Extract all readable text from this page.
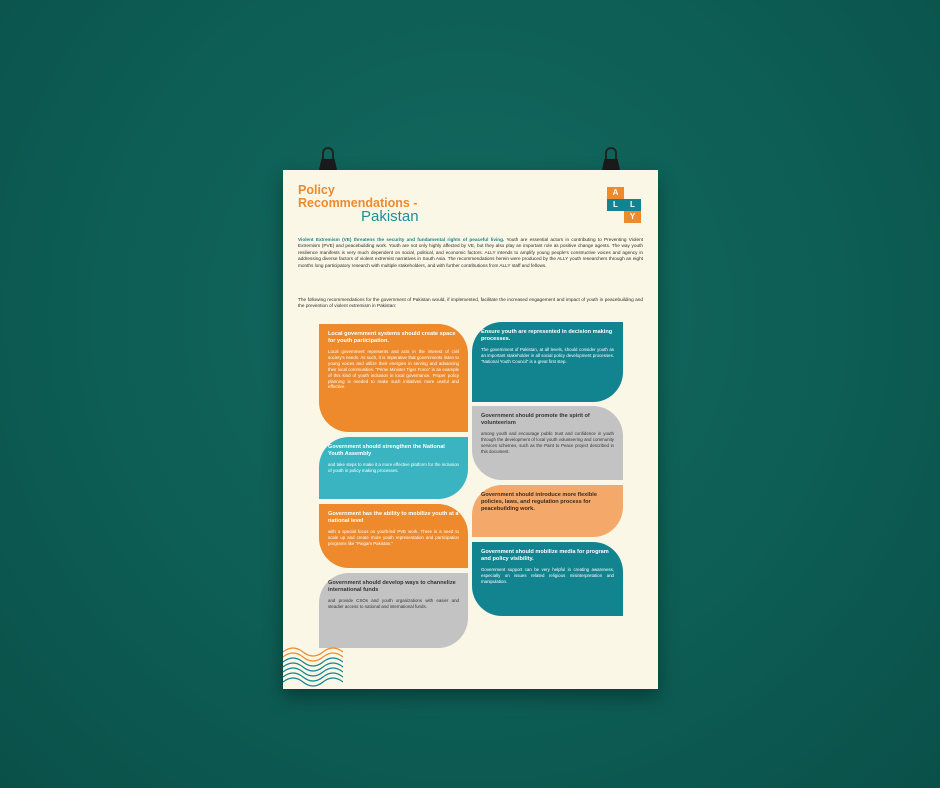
Policy
Recommendations -
Pakistan
A
L
L
Y
Violent Extremism (VE) threatens the security and fundamental rights of peaceful living. Youth are essential actors in contributing to Preventing Violent Extremism (PVE) and peacebuilding work. Youth are not only highly affected by VE, but they also play an important role as positive change agents. The way youth resilience manifests is very much dependent on social, political, and economic factors. ALLY intends to amplify young people's constructive voices and agency in addressing diverse factors of violent extremist narratives in South Asia. The recommendations herein were produced by the ALLY youth researchers through an eight months long participatory research with multiple stakeholders, and with further contributions from ALLY staff and fellows.
The following recommendations for the government of Pakistan would, if implemented, facilitate the increased engagement and impact of youth in peacebuilding and the prevention of violent extremism in Pakistan:
Local government systems should create space for youth participation.
Local government represents and acts in the interest of civil society's needs. As such, it is imperative that governments listen to young voices and utilize their energies in serving and advancing their local communities. "Prime Minister Tiger Force" is an example of this kind of youth inclusion in local governance. Proper policy planning is needed to make such initiatives more useful and effective.
Government should strengthen the National Youth Assembly
and take steps to make it a more effective platform for the inclusion of youth in policy making processes.
Government has the ability to mobilize youth at a national level
with a special focus on youth-led PVE work. There is a need to scale up and create more youth representation and participation programs like "Paigam Pakistan."
Government should develop ways to channelize international funds
and provide CSOs and youth organizations with easier and steadier access to national and international funds.
Ensure youth are represented in decision making processes.
The government of Pakistan, at all levels, should consider youth as an important stakeholder in all social policy development processes. "National Youth Council" is a great first step.
Government should promote the spirit of volunteerism
among youth and encourage public trust and confidence in youth through the development of local youth volunteering and community services schemes, such as the Paint to Peace project described in this document.
Government should introduce more flexible policies, laws, and regulation process for peacebuilding work.
Government should mobilize media for program and policy visibility.
Government support can be very helpful in creating awareness, especially on issues related religious misinterpretation and manipulation.
